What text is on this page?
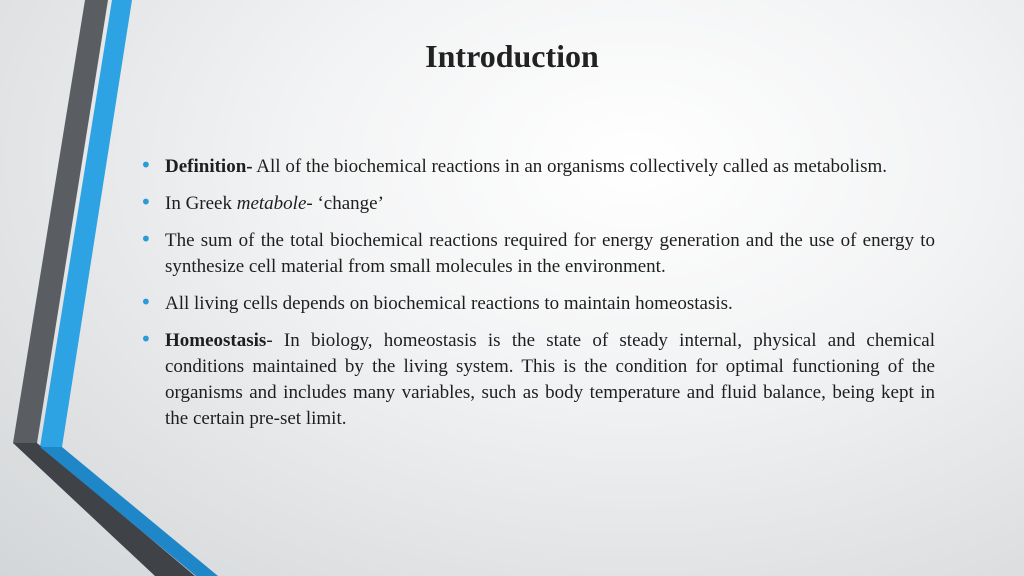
Introduction
• Definition- All of the biochemical reactions in an organisms collectively called as metabolism.
• In Greek metabole- ‘change’
• The sum of the total biochemical reactions required for energy generation and the use of energy to synthesize cell material from small molecules in the environment.
• All living cells depends on biochemical reactions to maintain homeostasis.
• Homeostasis- In biology, homeostasis is the state of steady internal, physical and chemical conditions maintained by the living system. This is the condition for optimal functioning of the organisms and includes many variables, such as body temperature and fluid balance, being kept in the certain pre-set limit.
